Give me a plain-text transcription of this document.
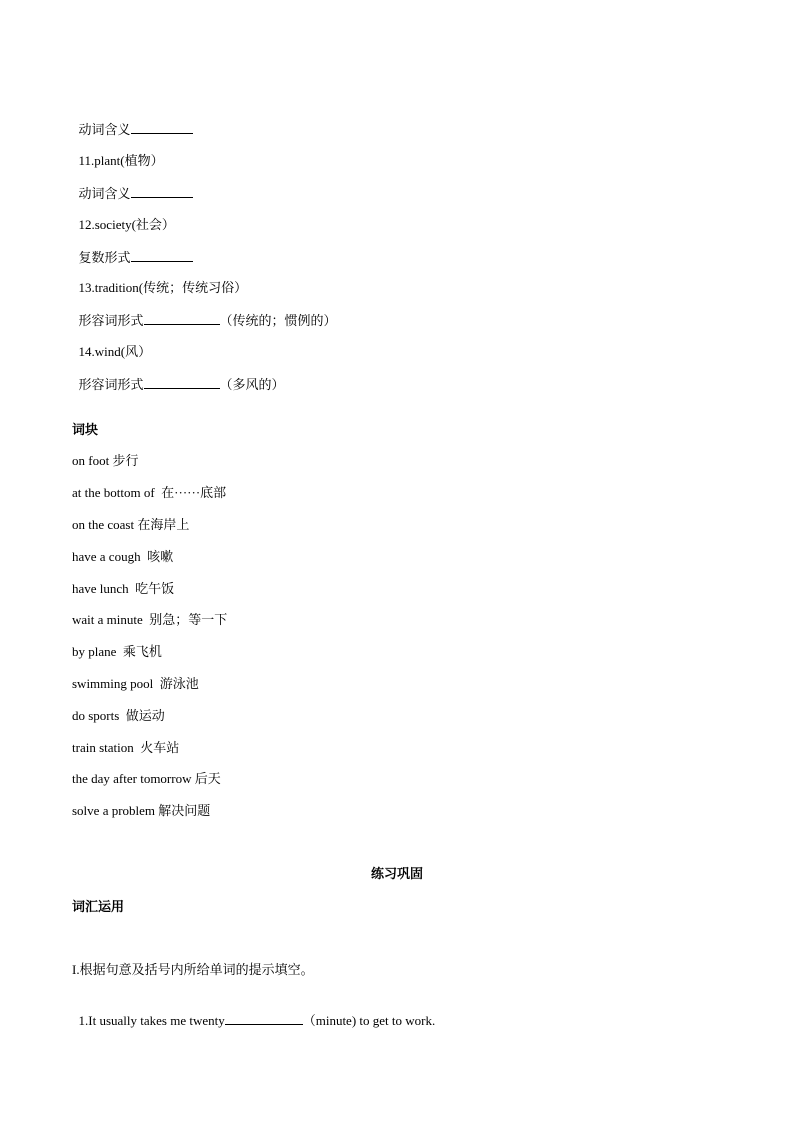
动词含义

11.plant(植物）

动词含义

12.society(社会）

复数形式

13.tradition(传统；传统习俗）

形容词形式	（传统的；惯例的）

14.wind(风）

形容词形式	（多风的）

词块
on foot 步行
at the bottom of  在······底部
on the coast 在海岸上
have a cough  咳嗽
have lunch  吃午饭
wait a minute  别急；等一下
by plane  乘飞机
swimming pool  游泳池
do sports  做运动
train station  火车站
the day after tomorrow 后天
solve a problem 解决问题
练习巩固
词汇运用
I.根据句意及括号内所给单词的提示填空。

1.It usually takes me twenty	（minute) to get to work.
